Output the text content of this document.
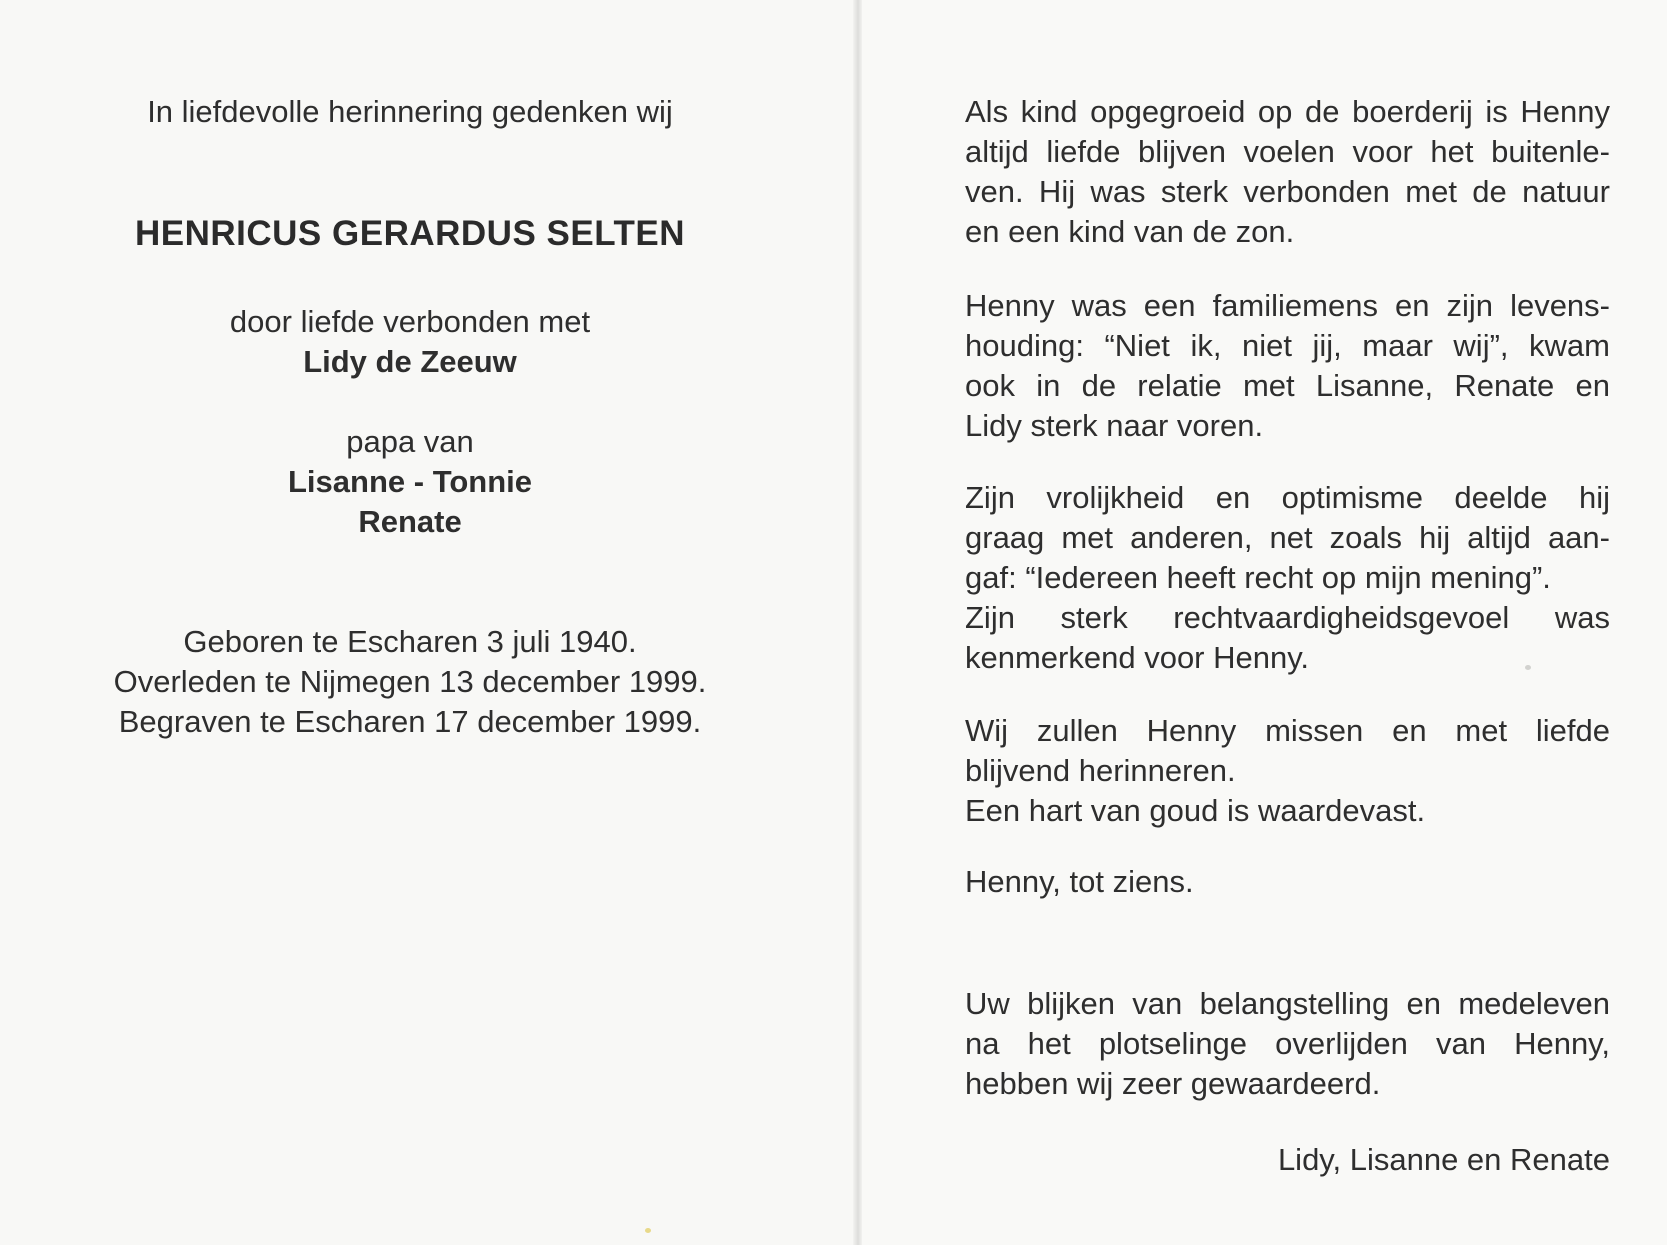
In liefdevolle herinnering gedenken wij
HENRICUS GERARDUS SELTEN
door liefde verbonden met
Lidy de Zeeuw
papa van
Lisanne - Tonnie
Renate
Geboren te Escharen 3 juli 1940.
Overleden te Nijmegen 13 december 1999.
Begraven te Escharen 17 december 1999.
Als kind opgegroeid op de boerderij is Henny
altijd liefde blijven voelen voor het buitenle-
ven. Hij was sterk verbonden met de natuur
en een kind van de zon.
Henny was een familiemens en zijn levens-
houding: “Niet ik, niet jij, maar wij”, kwam
ook in de relatie met Lisanne, Renate en
Lidy sterk naar voren.
Zijn vrolijkheid en optimisme deelde hij
graag met anderen, net zoals hij altijd aan-
gaf: “Iedereen heeft recht op mijn mening”.
Zijn sterk rechtvaardigheidsgevoel was
kenmerkend voor Henny.
Wij zullen Henny missen en met liefde
blijvend herinneren.
Een hart van goud is waardevast.
Henny, tot ziens.
Uw blijken van belangstelling en medeleven
na het plotselinge overlijden van Henny,
hebben wij zeer gewaardeerd.
Lidy, Lisanne en Renate
